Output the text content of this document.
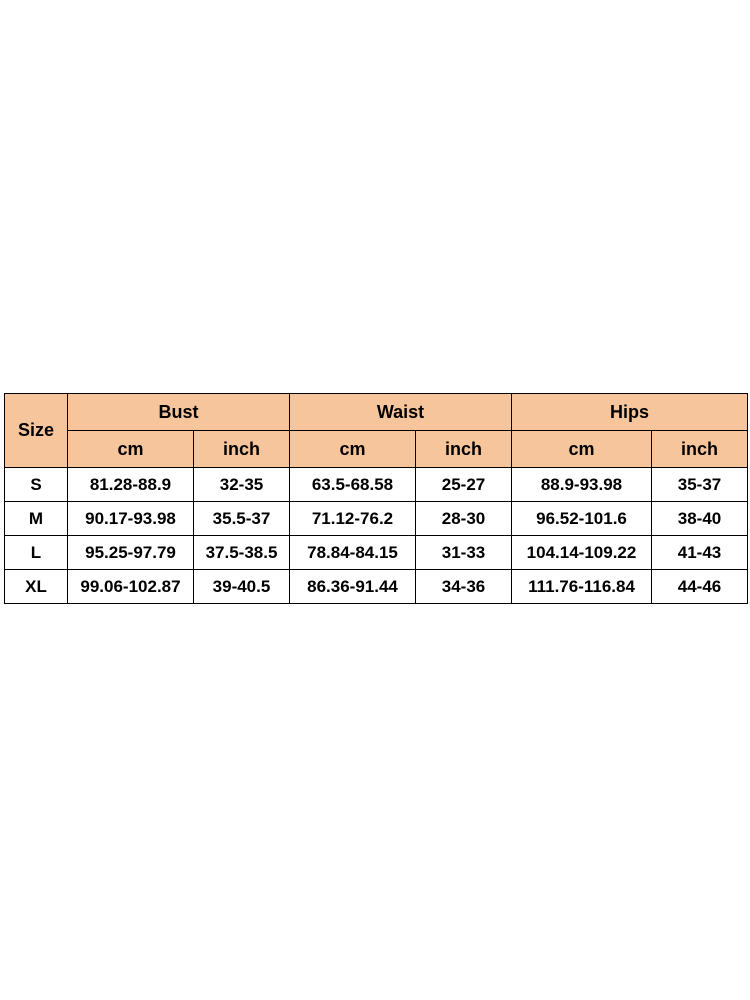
Size	Bust		Waist		Hips	
	cm	inch	cm	inch	cm	inch
S	81.28-88.9	32-35	63.5-68.58	25-27	88.9-93.98	35-37
M	90.17-93.98	35.5-37	71.12-76.2	28-30	96.52-101.6	38-40
L	95.25-97.79	37.5-38.5	78.84-84.15	31-33	104.14-109.22	41-43
XL	99.06-102.87	39-40.5	86.36-91.44	34-36	111.76-116.84	44-46
